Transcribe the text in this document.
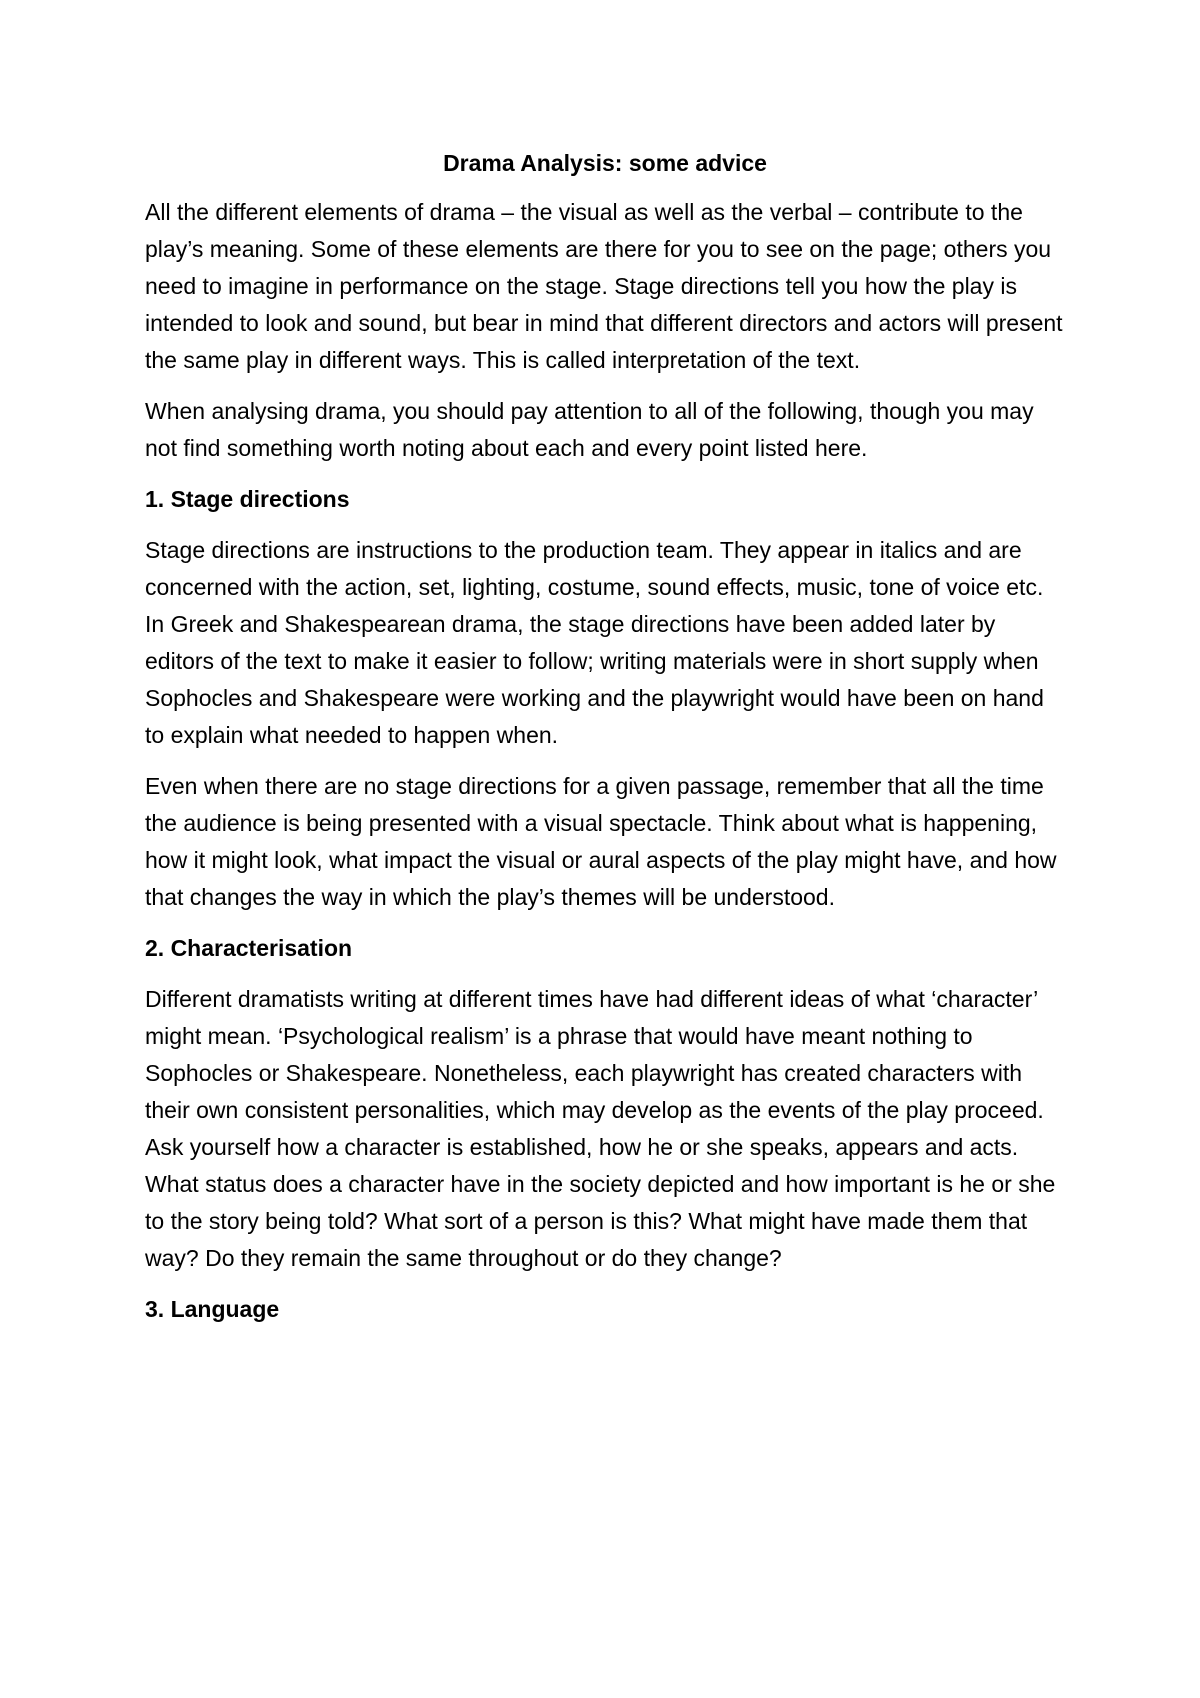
Drama Analysis: some advice

All the different elements of drama – the visual as well as the verbal – contribute to the play’s meaning. Some of these elements are there for you to see on the page; others you need to imagine in performance on the stage. Stage directions tell you how the play is intended to look and sound, but bear in mind that different directors and actors will present the same play in different ways. This is called interpretation of the text.

When analysing drama, you should pay attention to all of the following, though you may not find something worth noting about each and every point listed here.

1. Stage directions

Stage directions are instructions to the production team. They appear in italics and are concerned with the action, set, lighting, costume, sound effects, music, tone of voice etc. In Greek and Shakespearean drama, the stage directions have been added later by editors of the text to make it easier to follow; writing materials were in short supply when Sophocles and Shakespeare were working and the playwright would have been on hand to explain what needed to happen when.

Even when there are no stage directions for a given passage, remember that all the time the audience is being presented with a visual spectacle. Think about what is happening, how it might look, what impact the visual or aural aspects of the play might have, and how that changes the way in which the play’s themes will be understood.

2. Characterisation

Different dramatists writing at different times have had different ideas of what ‘character’ might mean. ‘Psychological realism’ is a phrase that would have meant nothing to Sophocles or Shakespeare. Nonetheless, each playwright has created characters with their own consistent personalities, which may develop as the events of the play proceed. Ask yourself how a character is established, how he or she speaks, appears and acts. What status does a character have in the society depicted and how important is he or she to the story being told? What sort of a person is this? What might have made them that way? Do they remain the same throughout or do they change?

3. Language
